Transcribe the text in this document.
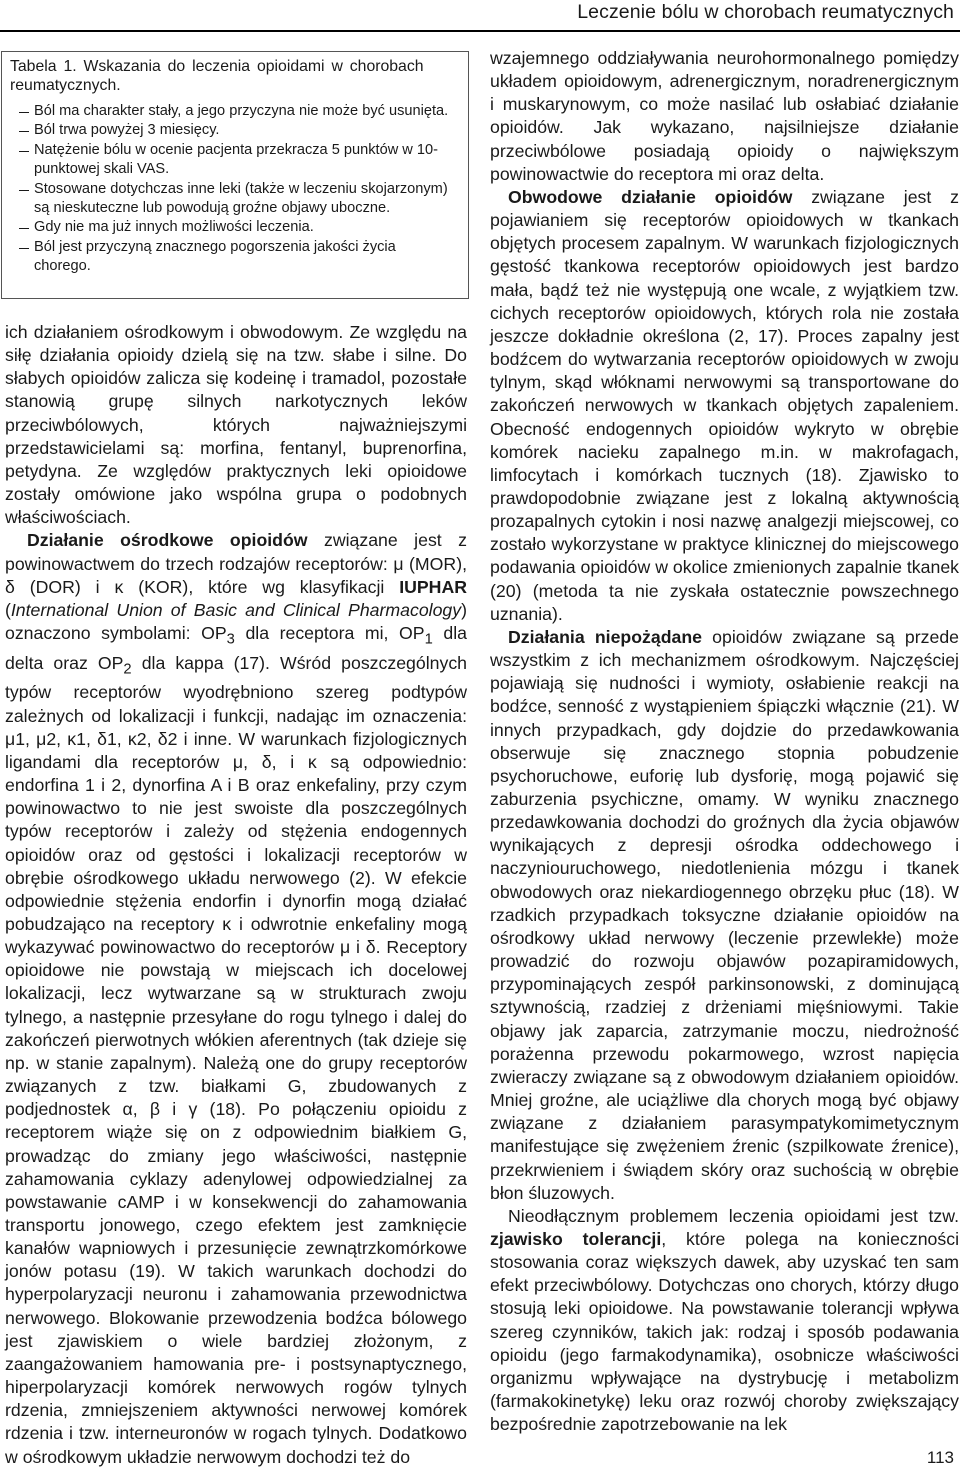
Leczenie bólu w chorobach reumatycznych
Tabela 1. Wskazania do leczenia opioidami w chorobach reumatycznych.
Ból ma charakter stały, a jego przyczyna nie może być usunięta.
Ból trwa powyżej 3 miesięcy.
Natężenie bólu w ocenie pacjenta przekracza 5 punktów w 10-punktowej skali VAS.
Stosowane dotychczas inne leki (także w leczeniu skojarzonym) są nieskuteczne lub powodują groźne objawy uboczne.
Gdy nie ma już innych możliwości leczenia.
Ból jest przyczyną znacznego pogorszenia jakości życia chorego.

ich działaniem ośrodkowym i obwodowym. Ze względu na siłę działania opioidy dzielą się na tzw. słabe i silne. Do słabych opioidów zalicza się kodeinę i tramadol, pozostałe stanowią grupę silnych narkotycznych leków przeciwbólowych, których najważniejszymi przedstawicielami są: morfina, fentanyl, buprenorfina, petydyna. Ze względów praktycznych leki opioidowe zostały omówione jako wspólna grupa o podobnych właściwościach.

Działanie ośrodkowe opioidów związane jest z powinowactwem do trzech rodzajów receptorów: μ (MOR), δ (DOR) i κ (KOR), które wg klasyfikacji IUPHAR (International Union of Basic and Clinical Pharmacology) oznaczono symbolami: $OP_3$ dla receptora mi, $OP_1$ dla delta oraz $OP_2$ dla kappa (17). Wśród poszczególnych typów receptorów wyodrębniono szereg podtypów zależnych od lokalizacji i funkcji, nadając im oznaczenia: μ1, μ2, κ1, δ1, κ2, δ2 i inne. W warunkach fizjologicznych ligandami dla receptorów μ, δ, i κ są odpowiednio: endorfina 1 i 2, dynorfina A i B oraz enkefaliny, przy czym powinowactwo to nie jest swoiste dla poszczególnych typów receptorów i zależy od stężenia endogennych opioidów oraz od gęstości i lokalizacji receptorów w obrębie ośrodkowego układu nerwowego (2). W efekcie odpowiednie stężenia endorfin i dynorfin mogą działać pobudzająco na receptory κ i odwrotnie enkefaliny mogą wykazywać powinowactwo do receptorów μ i δ. Receptory opioidowe nie powstają w miejscach ich docelowej lokalizacji, lecz wytwarzane są w strukturach zwoju tylnego, a następnie przesyłane do rogu tylnego i dalej do zakończeń pierwotnych włókien aferentnych (tak dzieje się np. w stanie zapalnym). Należą one do grupy receptorów związanych z tzw. białkami G, zbudowanych z podjednostek α, β i γ (18). Po połączeniu opioidu z receptorem wiąże się on z odpowiednim białkiem G, prowadząc do zmiany jego właściwości, następnie zahamowania cyklazy adenylowej odpowiedzialnej za powstawanie cAMP i w konsekwencji do zahamowania transportu jonowego, czego efektem jest zamknięcie kanałów wapniowych i przesunięcie zewnątrzkomórkowe jonów potasu (19). W takich warunkach dochodzi do hyperpolaryzacji neuronu i zahamowania przewodnictwa nerwowego. Blokowanie przewodzenia bodźca bólowego jest zjawiskiem o wiele bardziej złożonym, z zaangażowaniem hamowania pre- i postsynaptycznego, hiperpolaryzacji komórek nerwowych rogów tylnych rdzenia, zmniejszeniem aktywności nerwowej komórek rdzenia i tzw. interneuronów w rogach tylnych. Dodatkowo w ośrodkowym układzie nerwowym dochodzi też do

wzajemnego oddziaływania neurohormonalnego pomiędzy układem opioidowym, adrenergicznym, noradrenergicznym i muskarynowym, co może nasilać lub osłabiać działanie opioidów. Jak wykazano, najsilniejsze działanie przeciwbólowe posiadają opioidy o największym powinowactwie do receptora mi oraz delta.

Obwodowe działanie opioidów związane jest z pojawianiem się receptorów opioidowych w tkankach objętych procesem zapalnym. W warunkach fizjologicznych gęstość tkankowa receptorów opioidowych jest bardzo mała, bądź też nie występują one wcale, z wyjątkiem tzw. cichych receptorów opioidowych, których rola nie została jeszcze dokładnie określona (2, 17). Proces zapalny jest bodźcem do wytwarzania receptorów opioidowych w zwoju tylnym, skąd włóknami nerwowymi są transportowane do zakończeń nerwowych w tkankach objętych zapaleniem. Obecność endogennych opioidów wykryto w obrębie komórek nacieku zapalnego m.in. w makrofagach, limfocytach i komórkach tucznych (18). Zjawisko to prawdopodobnie związane jest z lokalną aktywnością prozapalnych cytokin i nosi nazwę analgezji miejscowej, co zostało wykorzystane w praktyce klinicznej do miejscowego podawania opioidów w okolice zmienionych zapalnie tkanek (20) (metoda ta nie zyskała ostatecznie powszechnego uznania).

Działania niepożądane opioidów związane są przede wszystkim z ich mechanizmem ośrodkowym. Najczęściej pojawiają się nudności i wymioty, osłabienie reakcji na bodźce, senność z wystąpieniem śpiączki włącznie (21). W innych przypadkach, gdy dojdzie do przedawkowania obserwuje się znacznego stopnia pobudzenie psychoruchowe, euforię lub dysforię, mogą pojawić się zaburzenia psychiczne, omamy. W wyniku znacznego przedawkowania dochodzi do groźnych dla życia objawów wynikających z depresji ośrodka oddechowego i naczyniouruchowego, niedotlenienia mózgu i tkanek obwodowych oraz niekardiogennego obrzęku płuc (18). W rzadkich przypadkach toksyczne działanie opioidów na ośrodkowy układ nerwowy (leczenie przewlekłe) może prowadzić do rozwoju objawów pozapiramidowych, przypominających zespół parkinsonowski, z dominującą sztywnością, rzadziej z drżeniami mięśniowymi. Takie objawy jak zaparcia, zatrzymanie moczu, niedrożność porażenna przewodu pokarmowego, wzrost napięcia zwieraczy związane są z obwodowym działaniem opioidów. Mniej groźne, ale uciążliwe dla chorych mogą być objawy związane z działaniem parasympatykomimetycznym manifestujące się zwężeniem źrenic (szpilkowate źrenice), przekrwieniem i świądem skóry oraz suchością w obrębie błon śluzowych.

Nieodłącznym problemem leczenia opioidami jest tzw. zjawisko tolerancji, które polega na konieczności stosowania coraz większych dawek, aby uzyskać ten sam efekt przeciwbólowy. Dotychczas ono chorych, którzy długo stosują leki opioidowe. Na powstawanie tolerancji wpływa szereg czynników, takich jak: rodzaj i sposób podawania opioidu (jego farmakodynamika), osobnicze właściwości organizmu wpływające na dystrybucję i metabolizm (farmakokinetykę) leku oraz rozwój choroby zwiększający bezpośrednie zapotrzebowanie na lek

113
